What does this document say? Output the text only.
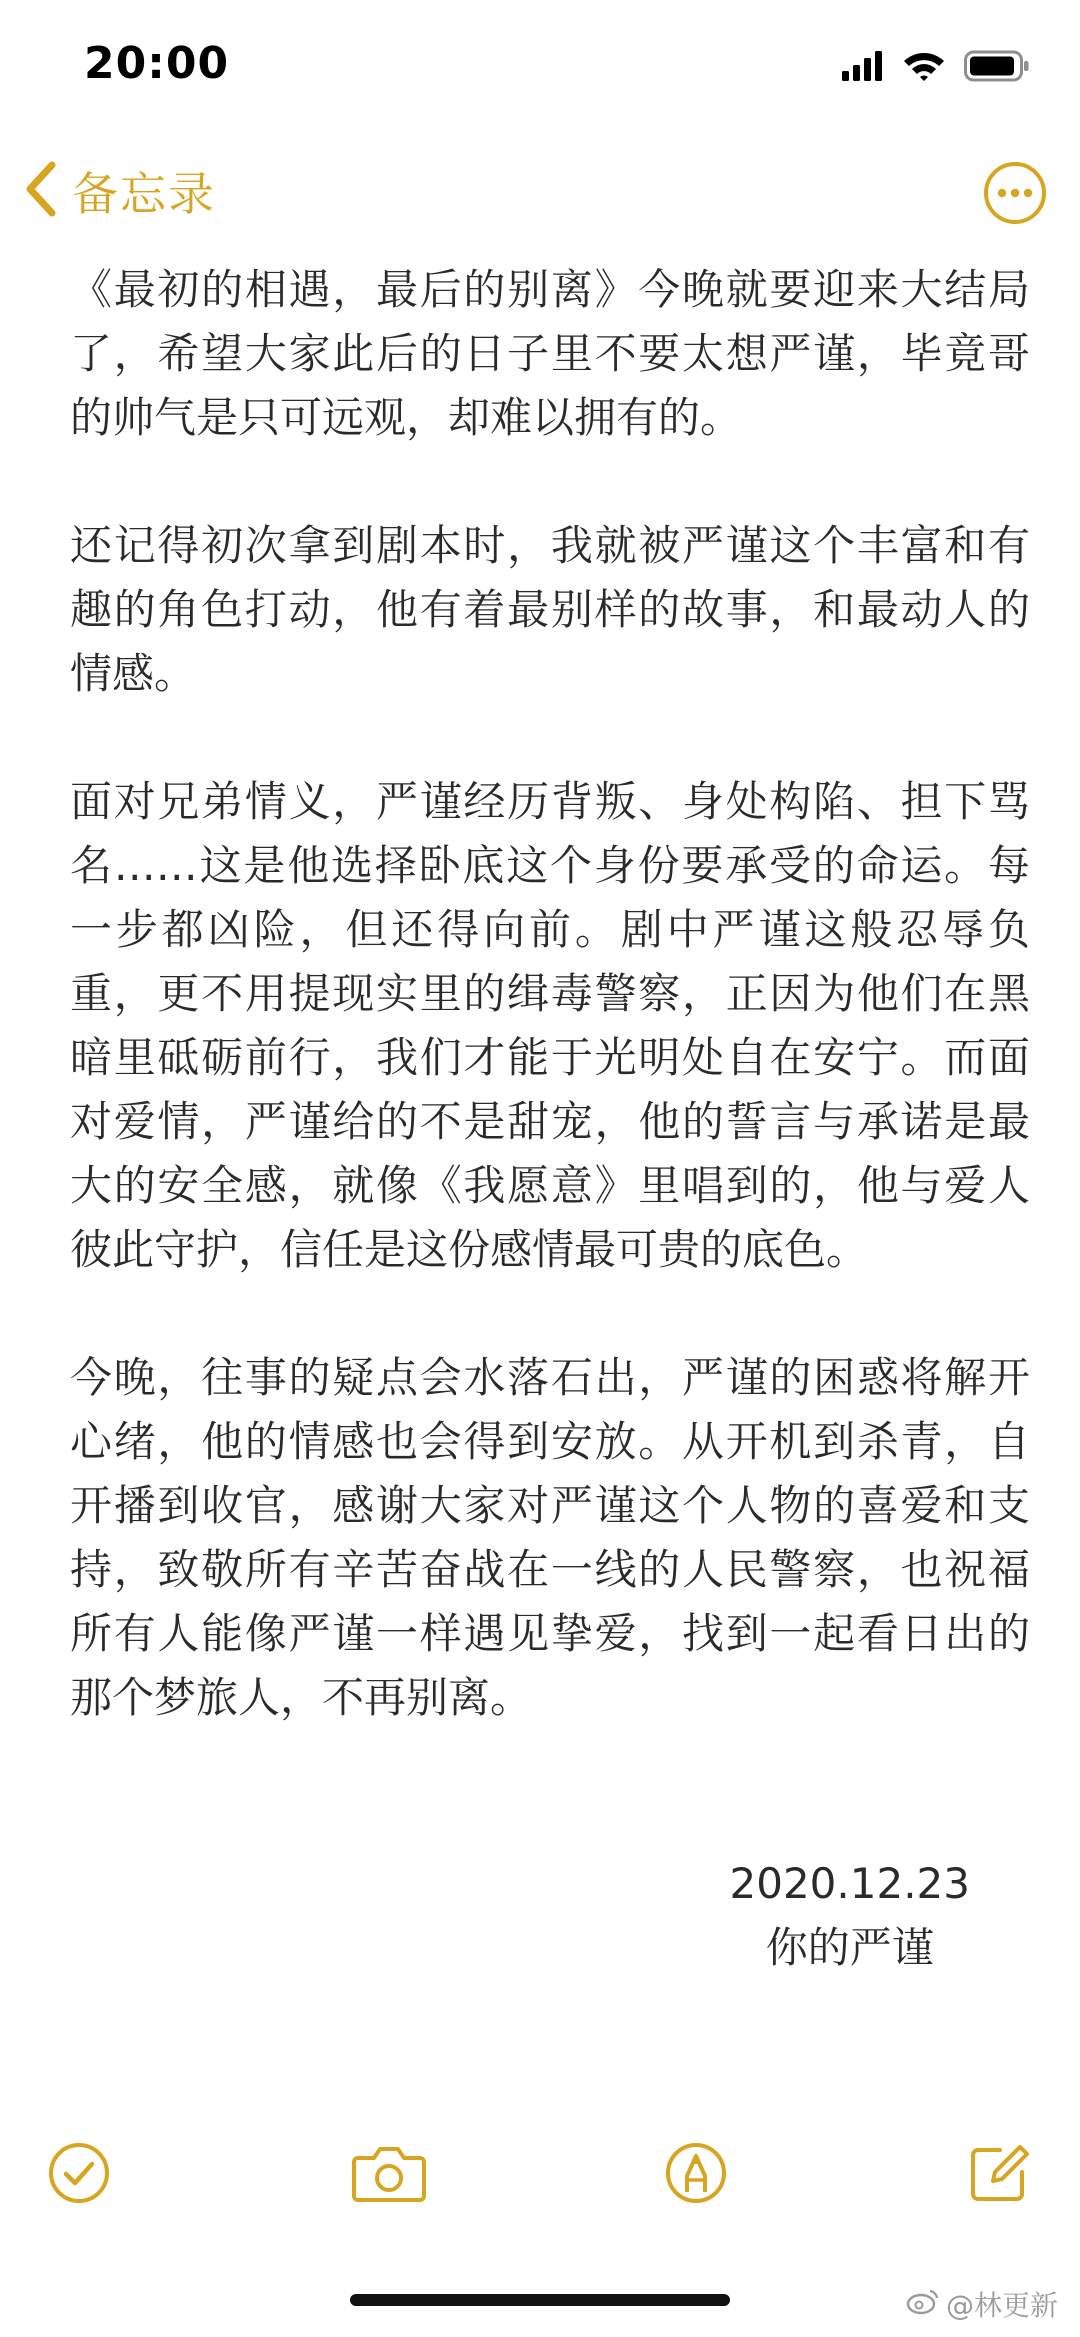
20:00
备忘录

《最初的相遇，最后的别离》今晚就要迎来大结局了，希望大家此后的日子里不要太想严谨，毕竟哥的帅气是只可远观，却难以拥有的。

还记得初次拿到剧本时，我就被严谨这个丰富和有趣的角色打动，他有着最别样的故事，和最动人的情感。

面对兄弟情义，严谨经历背叛、身处构陷、担下骂名……这是他选择卧底这个身份要承受的命运。每一步都凶险，但还得向前。剧中严谨这般忍辱负重，更不用提现实里的缉毒警察，正因为他们在黑暗里砥砺前行，我们才能于光明处自在安宁。而面对爱情，严谨给的不是甜宠，他的誓言与承诺是最大的安全感，就像《我愿意》里唱到的，他与爱人彼此守护，信任是这份感情最可贵的底色。

今晚，往事的疑点会水落石出，严谨的困惑将解开心绪，他的情感也会得到安放。从开机到杀青，自开播到收官，感谢大家对严谨这个人物的喜爱和支持，致敬所有辛苦奋战在一线的人民警察，也祝福所有人能像严谨一样遇见挚爱，找到一起看日出的那个梦旅人，不再别离。

2020.12.23
你的严谨
@林更新
